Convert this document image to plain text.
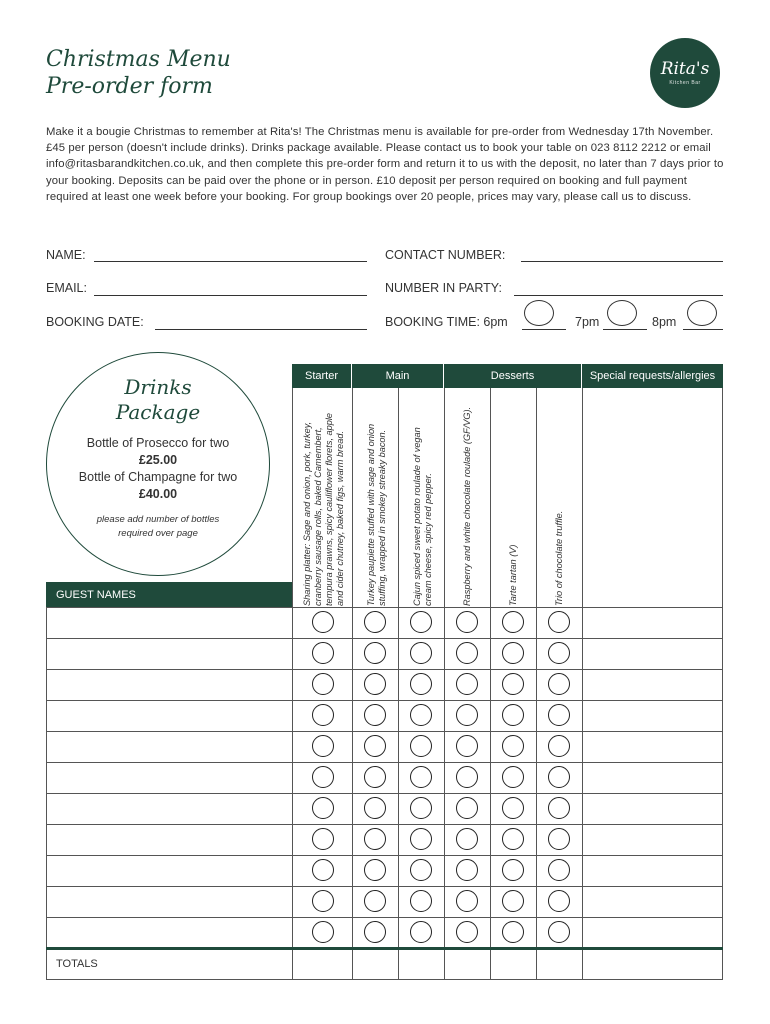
Christmas Menu
Pre-order form
Rita's
Kitchen Bar
Make it a bougie Christmas to remember at Rita's! The Christmas menu is available for pre-order from Wednesday 17th November. £45 per person (doesn't include drinks). Drinks package available. Please contact us to book your table on 023 8112 2212 or email info@ritasbarandkitchen.co.uk, and then complete this pre-order form and return it to us with the deposit, no later than 7 days prior to your booking. Deposits can be paid over the phone or in person. £10 deposit per person required on booking and full payment required at least one week before your booking. For group bookings over 20 people, prices may vary, please call us to discuss.
NAME:	CONTACT NUMBER:
EMAIL:	NUMBER IN PARTY:
BOOKING DATE:	BOOKING TIME: 6pm	7pm	8pm
Drinks
Package
Bottle of Prosecco for two
£25.00
Bottle of Champagne for two
£40.00
please add number of bottles
required over page
Starter	Main	Desserts	Special requests/allergies
Sharing platter: Sage and onion, pork, turkey, cranberry sausage rolls, baked Camembert, tempura prawns, spicy cauliflower florets, apple and cider chutney, baked figs, warm bread.	Turkey paupiette stuffed with sage and onion stuffing, wrapped in smokey streaky bacon.	Cajun spiced sweet potato roulade of vegan cream cheese, spicy red pepper.	Raspberry and white chocolate roulade (GF/VG).	Tarte tartan (V)	Trio of chocolate truffle.
GUEST NAMES
TOTALS
